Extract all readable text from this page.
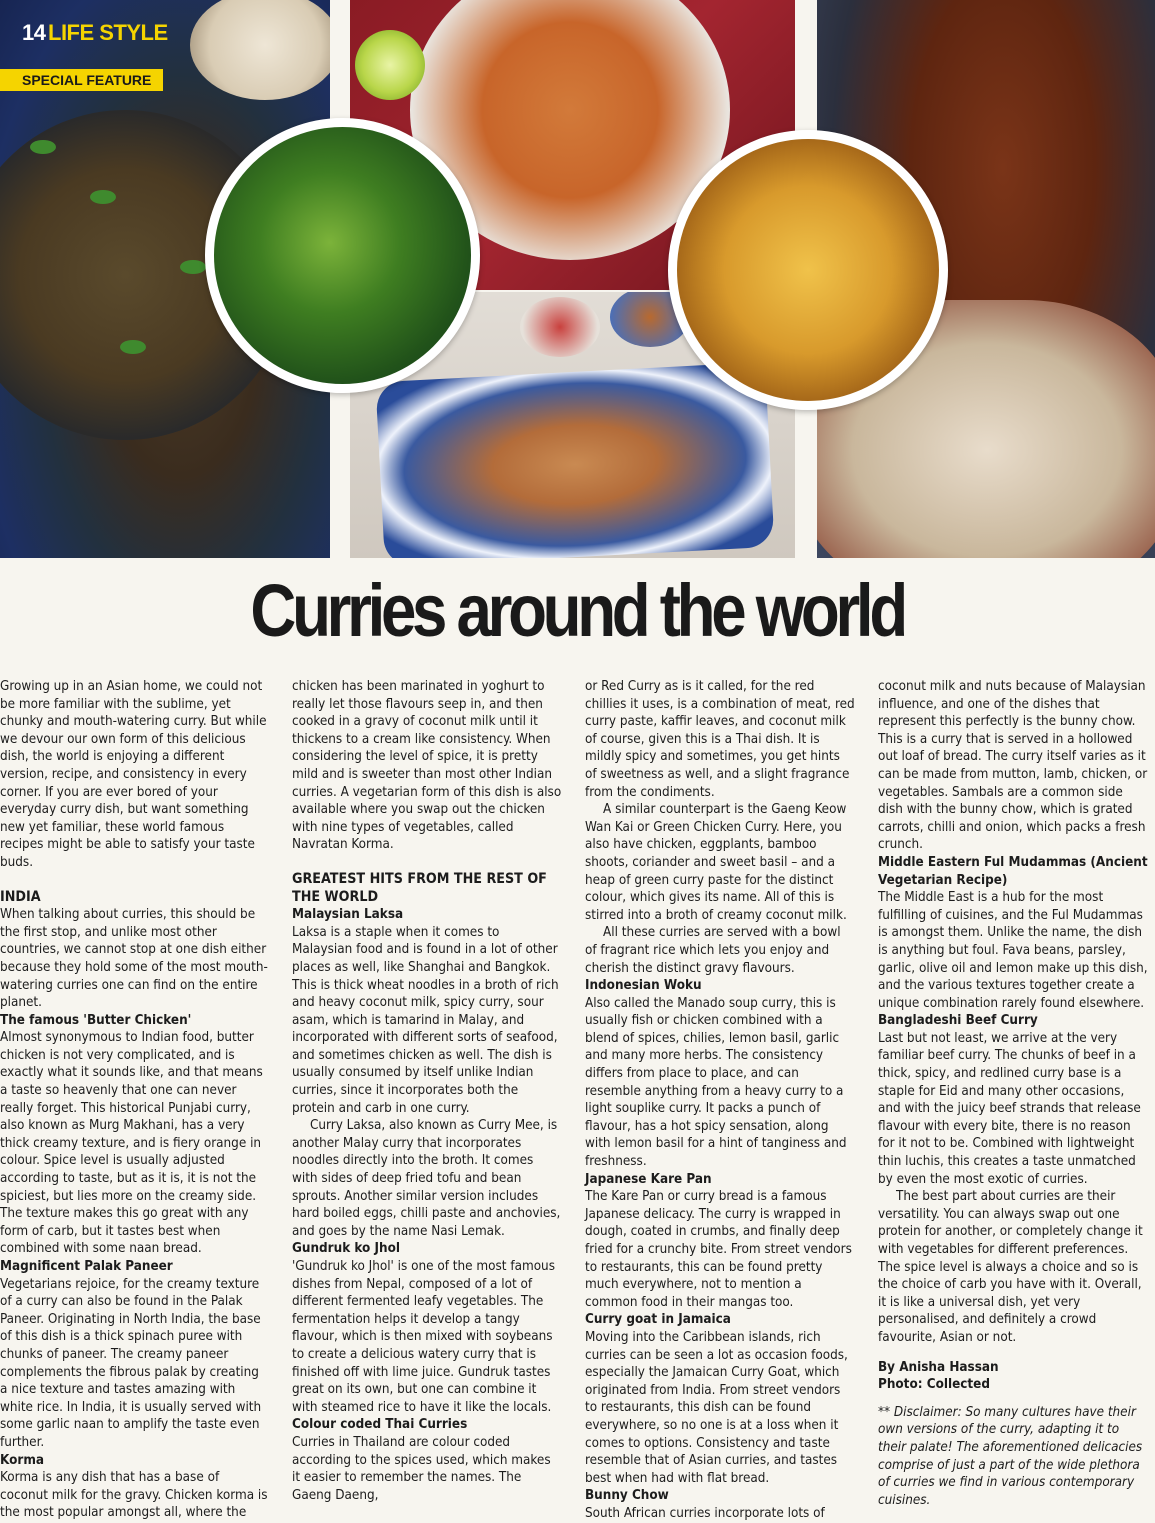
14 LIFE STYLE
SPECIAL FEATURE
Curries around the world

Growing up in an Asian home, we could not be more familiar with the sublime, yet chunky and mouth-watering curry. But while we devour our own form of this delicious dish, the world is enjoying a different version, recipe, and consistency in every corner. If you are ever bored of your everyday curry dish, but want something new yet familiar, these world famous recipes might be able to satisfy your taste buds.

INDIA

When talking about curries, this should be the first stop, and unlike most other countries, we cannot stop at one dish either because they hold some of the most mouth-watering curries one can find on the entire planet.

The famous 'Butter Chicken'

Almost synonymous to Indian food, butter chicken is not very complicated, and is exactly what it sounds like, and that means a taste so heavenly that one can never really forget. This historical Punjabi curry, also known as Murg Makhani, has a very thick creamy texture, and is fiery orange in colour. Spice level is usually adjusted according to taste, but as it is, it is not the spiciest, but lies more on the creamy side. The texture makes this go great with any form of carb, but it tastes best when combined with some naan bread.

Magnificent Palak Paneer

Vegetarians rejoice, for the creamy texture of a curry can also be found in the Palak Paneer. Originating in North India, the base of this dish is a thick spinach puree with chunks of paneer. The creamy paneer complements the fibrous palak by creating a nice texture and tastes amazing with white rice. In India, it is usually served with some garlic naan to amplify the taste even further.

Korma

Korma is any dish that has a base of coconut milk for the gravy. Chicken korma is the most popular amongst all, where the

chicken has been marinated in yoghurt to really let those flavours seep in, and then cooked in a gravy of coconut milk until it thickens to a cream like consistency. When considering the level of spice, it is pretty mild and is sweeter than most other Indian curries. A vegetarian form of this dish is also available where you swap out the chicken with nine types of vegetables, called Navratan Korma.

GREATEST HITS FROM THE REST OF THE WORLD
Malaysian Laksa

Laksa is a staple when it comes to Malaysian food and is found in a lot of other places as well, like Shanghai and Bangkok. This is thick wheat noodles in a broth of rich and heavy coconut milk, spicy curry, sour asam, which is tamarind in Malay, and incorporated with different sorts of seafood, and sometimes chicken as well. The dish is usually consumed by itself unlike Indian curries, since it incorporates both the protein and carb in one curry.

Curry Laksa, also known as Curry Mee, is another Malay curry that incorporates noodles directly into the broth. It comes with sides of deep fried tofu and bean sprouts. Another similar version includes hard boiled eggs, chilli paste and anchovies, and goes by the name Nasi Lemak.

Gundruk ko Jhol

'Gundruk ko Jhol' is one of the most famous dishes from Nepal, composed of a lot of different fermented leafy vegetables. The fermentation helps it develop a tangy flavour, which is then mixed with soybeans to create a delicious watery curry that is finished off with lime juice. Gundruk tastes great on its own, but one can combine it with steamed rice to have it like the locals.

Colour coded Thai Curries

Curries in Thailand are colour coded according to the spices used, which makes it easier to remember the names. The Gaeng Daeng,

or Red Curry as is it called, for the red chillies it uses, is a combination of meat, red curry paste, kaffir leaves, and coconut milk of course, given this is a Thai dish. It is mildly spicy and sometimes, you get hints of sweetness as well, and a slight fragrance from the condiments.

A similar counterpart is the Gaeng Keow Wan Kai or Green Chicken Curry. Here, you also have chicken, eggplants, bamboo shoots, coriander and sweet basil – and a heap of green curry paste for the distinct colour, which gives its name. All of this is stirred into a broth of creamy coconut milk.

All these curries are served with a bowl of fragrant rice which lets you enjoy and cherish the distinct gravy flavours.

Indonesian Woku

Also called the Manado soup curry, this is usually fish or chicken combined with a blend of spices, chilies, lemon basil, garlic and many more herbs. The consistency differs from place to place, and can resemble anything from a heavy curry to a light souplike curry. It packs a punch of flavour, has a hot spicy sensation, along with lemon basil for a hint of tanginess and freshness.

Japanese Kare Pan

The Kare Pan or curry bread is a famous Japanese delicacy. The curry is wrapped in dough, coated in crumbs, and finally deep fried for a crunchy bite. From street vendors to restaurants, this can be found pretty much everywhere, not to mention a common food in their mangas too.

Curry goat in Jamaica

Moving into the Caribbean islands, rich curries can be seen a lot as occasion foods, especially the Jamaican Curry Goat, which originated from India. From street vendors to restaurants, this dish can be found everywhere, so no one is at a loss when it comes to options. Consistency and taste resemble that of Asian curries, and tastes best when had with flat bread.

Bunny Chow

South African curries incorporate lots of

coconut milk and nuts because of Malaysian influence, and one of the dishes that represent this perfectly is the bunny chow. This is a curry that is served in a hollowed out loaf of bread. The curry itself varies as it can be made from mutton, lamb, chicken, or vegetables. Sambals are a common side dish with the bunny chow, which is grated carrots, chilli and onion, which packs a fresh crunch.

Middle Eastern Ful Mudammas (Ancient Vegetarian Recipe)

The Middle East is a hub for the most fulfilling of cuisines, and the Ful Mudammas is amongst them. Unlike the name, the dish is anything but foul. Fava beans, parsley, garlic, olive oil and lemon make up this dish, and the various textures together create a unique combination rarely found elsewhere.

Bangladeshi Beef Curry

Last but not least, we arrive at the very familiar beef curry. The chunks of beef in a thick, spicy, and redlined curry base is a staple for Eid and many other occasions, and with the juicy beef strands that release flavour with every bite, there is no reason for it not to be. Combined with lightweight thin luchis, this creates a taste unmatched by even the most exotic of curries.

The best part about curries are their versatility. You can always swap out one protein for another, or completely change it with vegetables for different preferences. The spice level is always a choice and so is the choice of carb you have with it. Overall, it is like a universal dish, yet very personalised, and definitely a crowd favourite, Asian or not.

By Anisha Hassan
Photo: Collected

** Disclaimer: So many cultures have their own versions of the curry, adapting it to their palate! The aforementioned delicacies comprise of just a part of the wide plethora of curries we find in various contemporary cuisines.
